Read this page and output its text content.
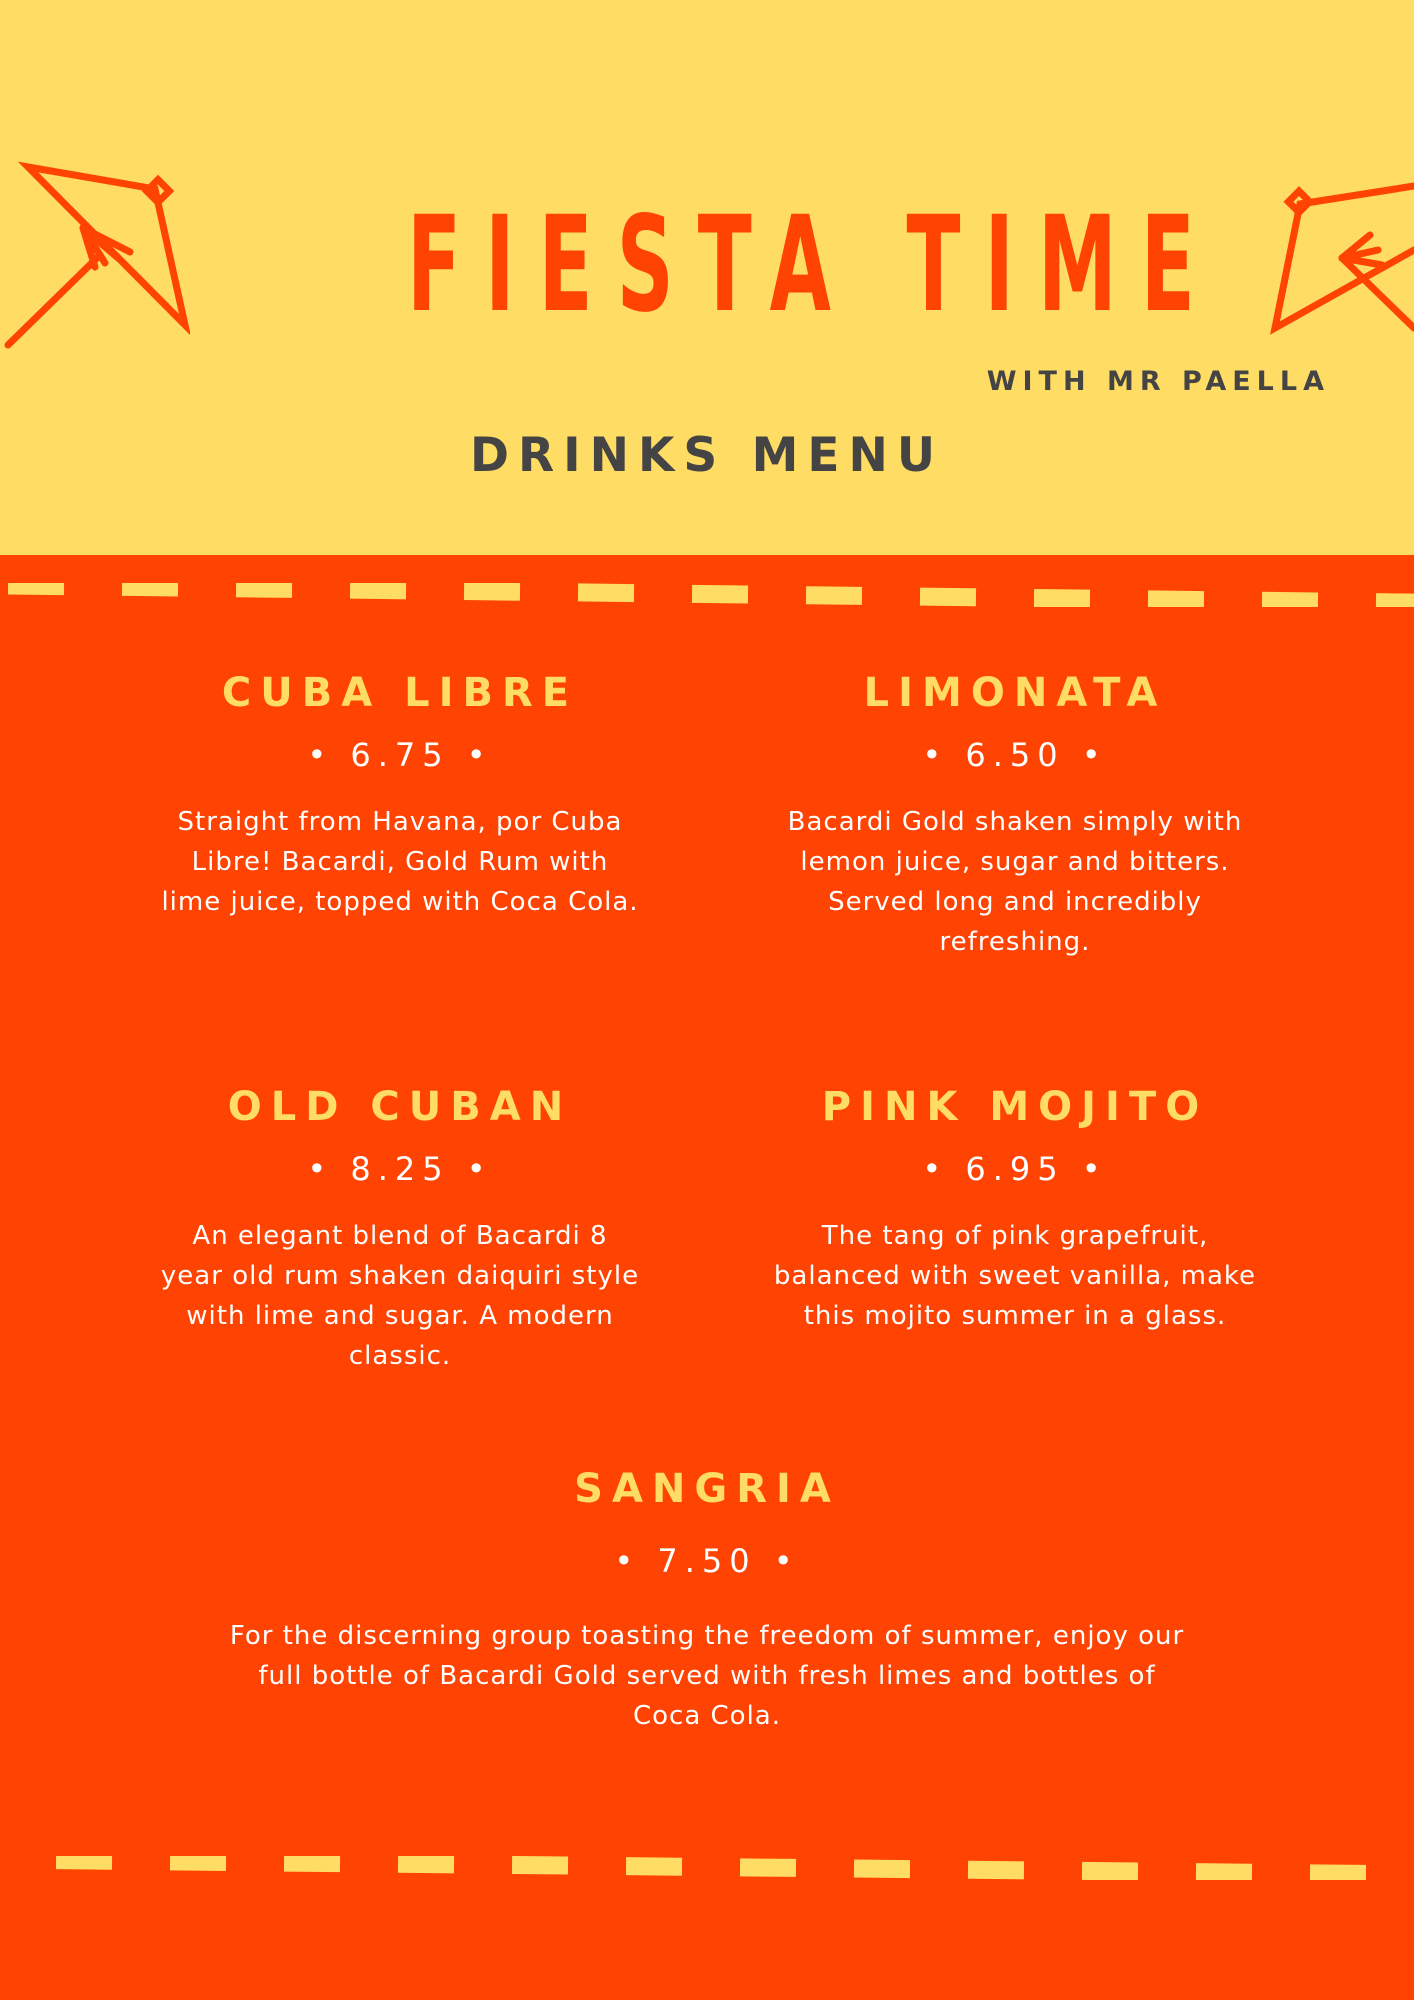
FIESTA TIME
WITH MR PAELLA
DRINKS MENU
CUBA LIBRE
• 6.75 •
Straight from Havana, por Cuba Libre! Bacardi, Gold Rum with lime juice, topped with Coca Cola.
LIMONATA
• 6.50 •
Bacardi Gold shaken simply with lemon juice, sugar and bitters. Served long and incredibly refreshing.
OLD CUBAN
• 8.25 •
An elegant blend of Bacardi 8 year old rum shaken daiquiri style with lime and sugar. A modern classic.
PINK MOJITO
• 6.95 •
The tang of pink grapefruit, balanced with sweet vanilla, make this mojito summer in a glass.
SANGRIA
• 7.50 •
For the discerning group toasting the freedom of summer, enjoy our full bottle of Bacardi Gold served with fresh limes and bottles of Coca Cola.
